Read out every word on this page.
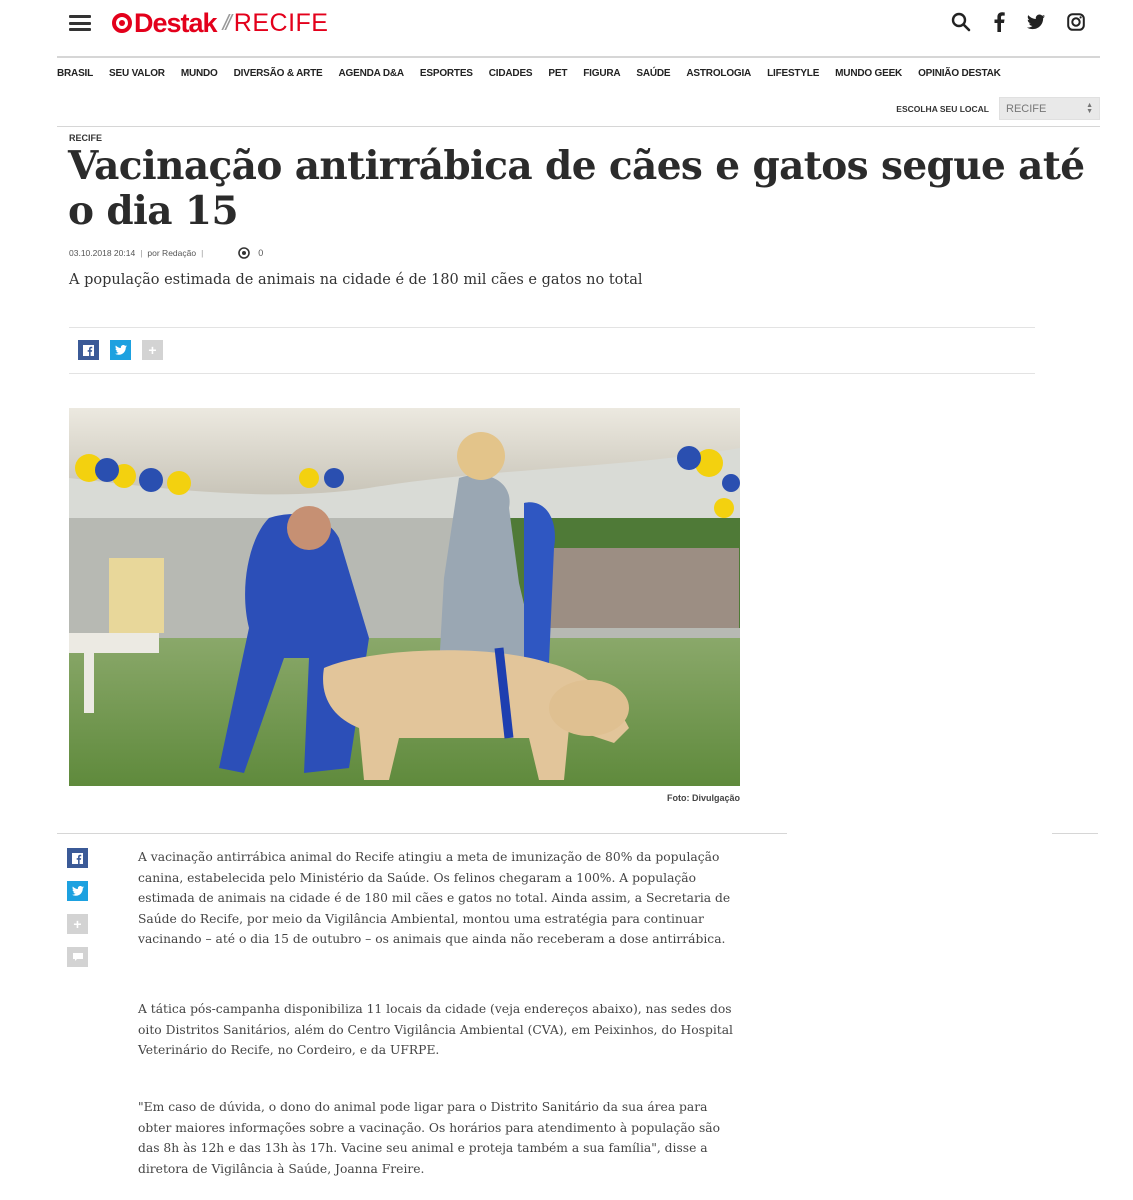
Destak // RECIFE
BRASIL SEU VALOR MUNDO DIVERSÃO & ARTE AGENDA D&A ESPORTES CIDADES PET FIGURA SAÚDE ASTROLOGIA LIFESTYLE MUNDO GEEK OPINIÃO DESTAK
ESCOLHA SEU LOCAL	RECIFE	▲
▼
RECIFE
Vacinação antirrábica de cães e gatos segue até o dia 15
03.10.2018 20:14 | por Redação |	0

A população estimada de animais na cidade é de 180 mil cães e gatos no total

+
Foto: Divulgação
+

A vacinação antirrábica animal do Recife atingiu a meta de imunização de 80% da população canina, estabelecida pelo Ministério da Saúde. Os felinos chegaram a 100%. A população estimada de animais na cidade é de 180 mil cães e gatos no total. Ainda assim, a Secretaria de Saúde do Recife, por meio da Vigilância Ambiental, montou uma estratégia para continuar vacinando – até o dia 15 de outubro – os animais que ainda não receberam a dose antirrábica.

A tática pós-campanha disponibiliza 11 locais da cidade (veja endereços abaixo), nas sedes dos oito Distritos Sanitários, além do Centro Vigilância Ambiental (CVA), em Peixinhos, do Hospital Veterinário do Recife, no Cordeiro, e da UFRPE.

"Em caso de dúvida, o dono do animal pode ligar para o Distrito Sanitário da sua área para obter maiores informações sobre a vacinação. Os horários para atendimento à população são das 8h às 12h e das 13h às 17h. Vacine seu animal e proteja também a sua família", disse a diretora de Vigilância à Saúde, Joanna Freire.
